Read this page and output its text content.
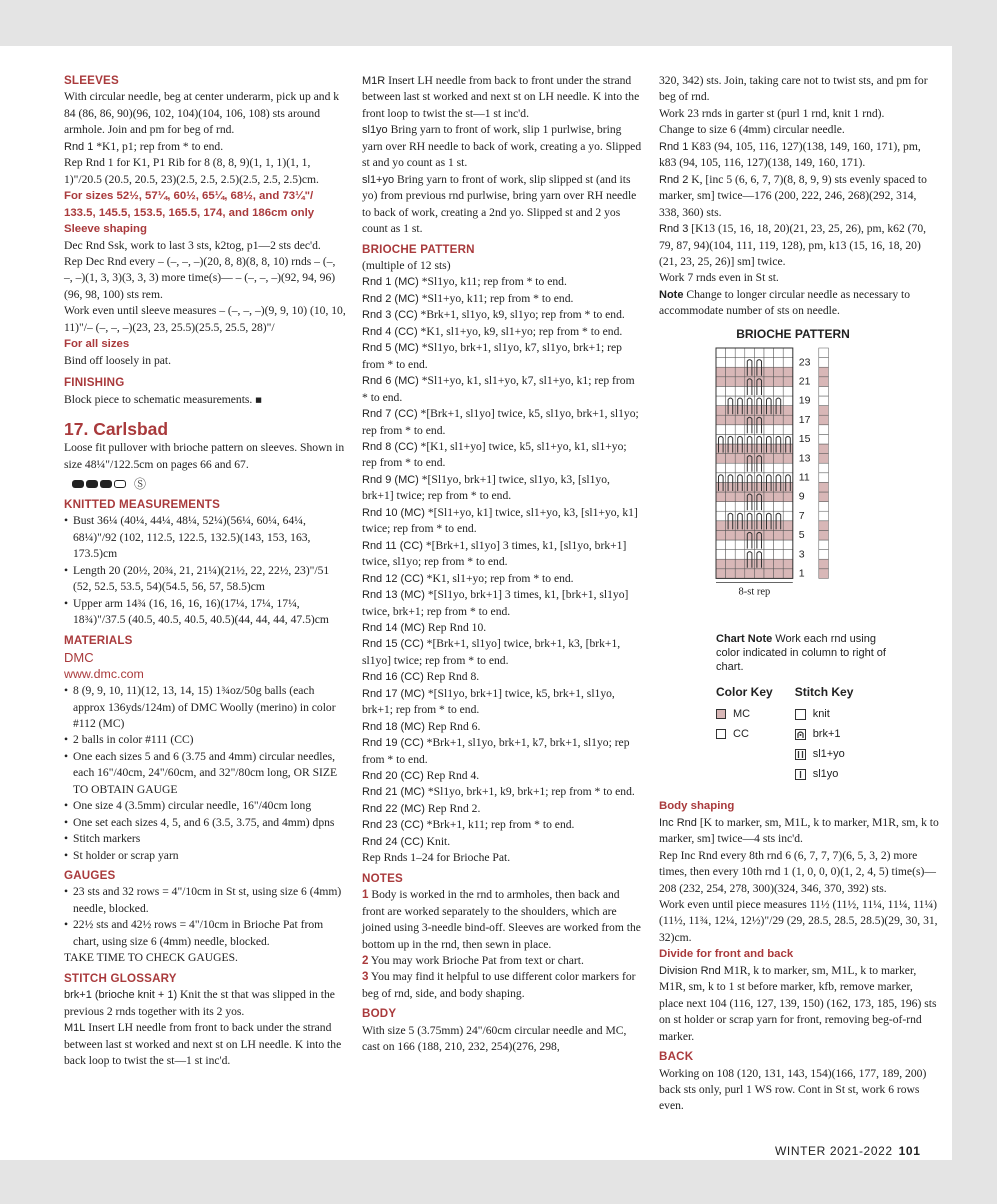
SLEEVES

With circular needle, beg at center underarm, pick up and k 84 (86, 86, 90)(96, 102, 104)(104, 106, 108) sts around armhole. Join and pm for beg of rnd.

Rnd 1 *K1, p1; rep from * to end.

Rep Rnd 1 for K1, P1 Rib for 8 (8, 8, 9)(1, 1, 1)(1, 1, 1)"/20.5 (20.5, 20.5, 23)(2.5, 2.5, 2.5)(2.5, 2.5, 2.5)cm.

For sizes 52½, 57¼, 60½, 65¼, 68½, and 73¼"/ 133.5, 145.5, 153.5, 165.5, 174, and 186cm only

Sleeve shaping

Dec Rnd Ssk, work to last 3 sts, k2tog, p1—2 sts dec'd.

Rep Dec Rnd every – (–, –, –)(20, 8, 8)(8, 8, 10) rnds – (–, –, –)(1, 3, 3)(3, 3, 3) more time(s)— – (–, –, –)(92, 94, 96)(96, 98, 100) sts rem.

Work even until sleeve measures – (–, –, –)(9, 9, 10) (10, 10, 11)"/– (–, –, –)(23, 23, 25.5)(25.5, 25.5, 28)"/

For all sizes

Bind off loosely in pat.

FINISHING

Block piece to schematic measurements. ■

17. Carlsbad

Loose fit pullover with brioche pattern on sleeves. Shown in size 48¼"/122.5cm on pages 66 and 67.

Ⓢ

KNITTED MEASUREMENTS

• Bust 36¼ (40¼, 44¼, 48¼, 52¼)(56¼, 60¼, 64¼, 68¼)"/92 (102, 112.5, 122.5, 132.5)(143, 153, 163, 173.5)cm
• Length 20 (20½, 20¾, 21, 21¼)(21½, 22, 22½, 23)"/51 (52, 52.5, 53.5, 54)(54.5, 56, 57, 58.5)cm
• Upper arm 14¾ (16, 16, 16, 16)(17¼, 17¼, 17¼, 18¾)"/37.5 (40.5, 40.5, 40.5, 40.5)(44, 44, 44, 47.5)cm

MATERIALS

DMC

www.dmc.com

• 8 (9, 9, 10, 11)(12, 13, 14, 15) 1¾oz/50g balls (each approx 136yds/124m) of DMC Woolly (merino) in color #112 (MC)
• 2 balls in color #111 (CC)
• One each sizes 5 and 6 (3.75 and 4mm) circular needles, each 16"/40cm, 24"/60cm, and 32"/80cm long, OR SIZE TO OBTAIN GAUGE
• One size 4 (3.5mm) circular needle, 16"/40cm long
• One set each sizes 4, 5, and 6 (3.5, 3.75, and 4mm) dpns
• Stitch markers
• St holder or scrap yarn

GAUGES

• 23 sts and 32 rows = 4"/10cm in St st, using size 6 (4mm) needle, blocked.
• 22½ sts and 42½ rows = 4"/10cm in Brioche Pat from chart, using size 6 (4mm) needle, blocked.

TAKE TIME TO CHECK GAUGES.

STITCH GLOSSARY

brk+1 (brioche knit + 1) Knit the st that was slipped in the previous 2 rnds together with its 2 yos.

M1L Insert LH needle from front to back under the strand between last st worked and next st on LH needle. K into the back loop to twist the st—1 st inc'd.

M1R Insert LH needle from back to front under the strand between last st worked and next st on LH needle. K into the front loop to twist the st—1 st inc'd.

sl1yo Bring yarn to front of work, slip 1 purlwise, bring yarn over RH needle to back of work, creating a yo. Slipped st and yo count as 1 st.

sl1+yo Bring yarn to front of work, slip slipped st (and its yo) from previous rnd purlwise, bring yarn over RH needle to back of work, creating a 2nd yo. Slipped st and 2 yos count as 1 st.

BRIOCHE PATTERN

(multiple of 12 sts)

Rnd 1 (MC) *Sl1yo, k11; rep from * to end.

Rnd 2 (MC) *Sl1+yo, k11; rep from * to end.

Rnd 3 (CC) *Brk+1, sl1yo, k9, sl1yo; rep from * to end.

Rnd 4 (CC) *K1, sl1+yo, k9, sl1+yo; rep from * to end.

Rnd 5 (MC) *Sl1yo, brk+1, sl1yo, k7, sl1yo, brk+1; rep from * to end.

Rnd 6 (MC) *Sl1+yo, k1, sl1+yo, k7, sl1+yo, k1; rep from * to end.

Rnd 7 (CC) *[Brk+1, sl1yo] twice, k5, sl1yo, brk+1, sl1yo; rep from * to end.

Rnd 8 (CC) *[K1, sl1+yo] twice, k5, sl1+yo, k1, sl1+yo; rep from * to end.

Rnd 9 (MC) *[Sl1yo, brk+1] twice, sl1yo, k3, [sl1yo, brk+1] twice; rep from * to end.

Rnd 10 (MC) *[Sl1+yo, k1] twice, sl1+yo, k3, [sl1+yo, k1] twice; rep from * to end.

Rnd 11 (CC) *[Brk+1, sl1yo] 3 times, k1, [sl1yo, brk+1] twice, sl1yo; rep from * to end.

Rnd 12 (CC) *K1, sl1+yo; rep from * to end.

Rnd 13 (MC) *[Sl1yo, brk+1] 3 times, k1, [brk+1, sl1yo] twice, brk+1; rep from * to end.

Rnd 14 (MC) Rep Rnd 10.

Rnd 15 (CC) *[Brk+1, sl1yo] twice, brk+1, k3, [brk+1, sl1yo] twice; rep from * to end.

Rnd 16 (CC) Rep Rnd 8.

Rnd 17 (MC) *[Sl1yo, brk+1] twice, k5, brk+1, sl1yo, brk+1; rep from * to end.

Rnd 18 (MC) Rep Rnd 6.

Rnd 19 (CC) *Brk+1, sl1yo, brk+1, k7, brk+1, sl1yo; rep from * to end.

Rnd 20 (CC) Rep Rnd 4.

Rnd 21 (MC) *Sl1yo, brk+1, k9, brk+1; rep from * to end.

Rnd 22 (MC) Rep Rnd 2.

Rnd 23 (CC) *Brk+1, k11; rep from * to end.

Rnd 24 (CC) Knit.

Rep Rnds 1–24 for Brioche Pat.

NOTES

1 Body is worked in the rnd to armholes, then back and front are worked separately to the shoulders, which are joined using 3-needle bind-off. Sleeves are worked from the bottom up in the rnd, then sewn in place.

2 You may work Brioche Pat from text or chart.

3 You may find it helpful to use different color markers for beg of rnd, side, and body shaping.

BODY

With size 5 (3.75mm) 24"/60cm circular needle and MC, cast on 166 (188, 210, 232, 254)(276, 298,

320, 342) sts. Join, taking care not to twist sts, and pm for beg of rnd.

Work 23 rnds in garter st (purl 1 rnd, knit 1 rnd).

Change to size 6 (4mm) circular needle.

Rnd 1 K83 (94, 105, 116, 127)(138, 149, 160, 171), pm, k83 (94, 105, 116, 127)(138, 149, 160, 171).

Rnd 2 K, [inc 5 (6, 6, 7, 7)(8, 8, 9, 9) sts evenly spaced to marker, sm] twice—176 (200, 222, 246, 268)(292, 314, 338, 360) sts.

Rnd 3 [K13 (15, 16, 18, 20)(21, 23, 25, 26), pm, k62 (70, 79, 87, 94)(104, 111, 119, 128), pm, k13 (15, 16, 18, 20)(21, 23, 25, 26)] sm] twice.

Work 7 rnds even in St st.

Note Change to longer circular needle as necessary to accommodate number of sts on needle.

BRIOCHE PATTERN
1
3
5
7
9
11
13
15
17
19
21
23
8-st rep

Chart Note Work each rnd using color indicated in column to right of chart.

Color Key
MC
CC
Stitch Key
knit
brk+1
sl1+yo
sl1yo

Body shaping

Inc Rnd [K to marker, sm, M1L, k to marker, M1R, sm, k to marker, sm] twice—4 sts inc'd.

Rep Inc Rnd every 8th rnd 6 (6, 7, 7, 7)(6, 5, 3, 2) more times, then every 10th rnd 1 (1, 0, 0, 0)(1, 2, 4, 5) time(s)—208 (232, 254, 278, 300)(324, 346, 370, 392) sts.

Work even until piece measures 11½ (11½, 11¼, 11¼, 11¼)(11½, 11¾, 12¼, 12½)"/29 (29, 28.5, 28.5, 28.5)(29, 30, 31, 32)cm.

Divide for front and back

Division Rnd M1R, k to marker, sm, M1L, k to marker, M1R, sm, k to 1 st before marker, kfb, remove marker, place next 104 (116, 127, 139, 150) (162, 173, 185, 196) sts on st holder or scrap yarn for front, removing beg-of-rnd marker.

BACK

Working on 108 (120, 131, 143, 154)(166, 177, 189, 200) back sts only, purl 1 WS row. Cont in St st, work 6 rows even.

WINTER 2021-2022 101
